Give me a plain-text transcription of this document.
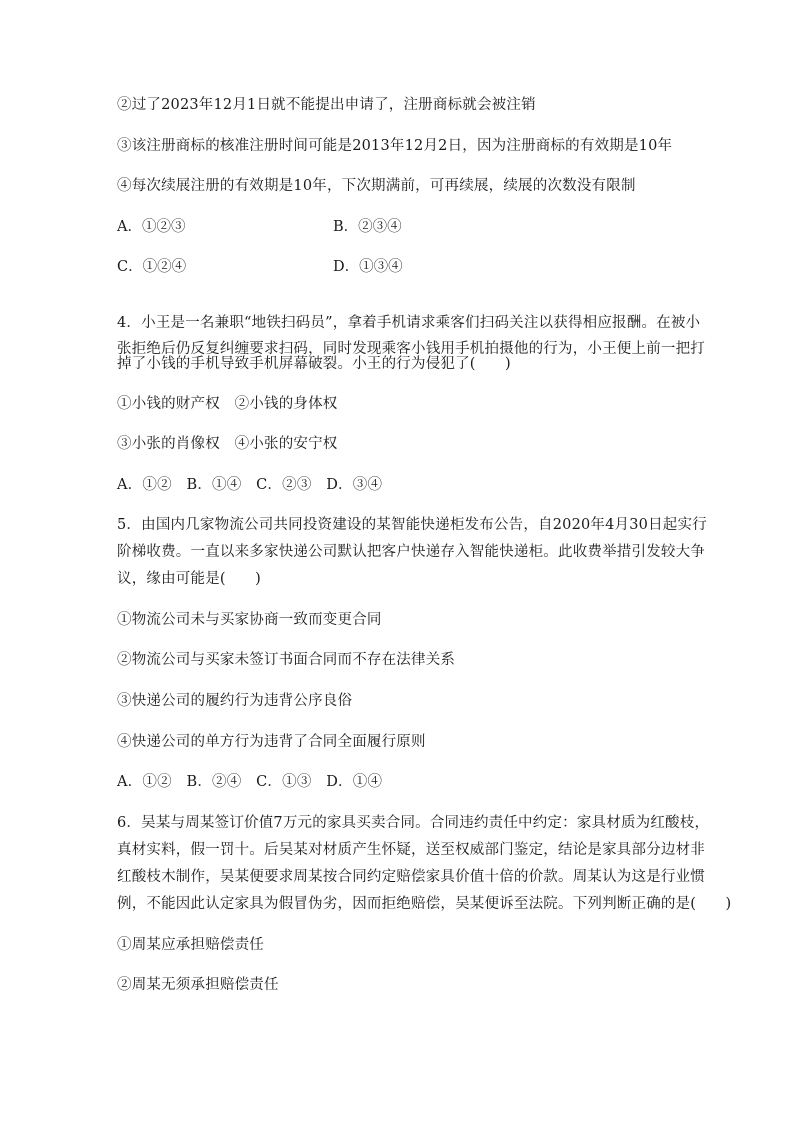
②过了2023年12月1日就不能提出申请了，注册商标就会被注销
③该注册商标的核准注册时间可能是2013年12月2日，因为注册商标的有效期是10年
④每次续展注册的有效期是10年，下次期满前，可再续展，续展的次数没有限制
A．①②③	B．②③④
C．①②④	D．①③④
4．小王是一名兼职“地铁扫码员”，拿着手机请求乘客们扫码关注以获得相应报酬。在被小
张拒绝后仍反复纠缠要求扫码，同时发现乘客小钱用手机拍摄他的行为，小王便上前一把打
掉了小钱的手机导致手机屏幕破裂。小王的行为侵犯了(　　)
①小钱的财产权　②小钱的身体权
③小张的肖像权　④小张的安宁权
A．①②　B．①④　C．②③　D．③④
5．由国内几家物流公司共同投资建设的某智能快递柜发布公告，自2020年4月30日起实行
阶梯收费。一直以来多家快递公司默认把客户快递存入智能快递柜。此收费举措引发较大争
议，缘由可能是(　　)
①物流公司未与买家协商一致而变更合同
②物流公司与买家未签订书面合同而不存在法律关系
③快递公司的履约行为违背公序良俗
④快递公司的单方行为违背了合同全面履行原则
A．①②　B．②④　C．①③　D．①④
6．吴某与周某签订价值7万元的家具买卖合同。合同违约责任中约定：家具材质为红酸枝，
真材实料，假一罚十。后吴某对材质产生怀疑，送至权威部门鉴定，结论是家具部分边材非
红酸枝木制作，吴某便要求周某按合同约定赔偿家具价值十倍的价款。周某认为这是行业惯
例，不能因此认定家具为假冒伪劣，因而拒绝赔偿，吴某便诉至法院。下列判断正确的是(　　)
①周某应承担赔偿责任
②周某无须承担赔偿责任
